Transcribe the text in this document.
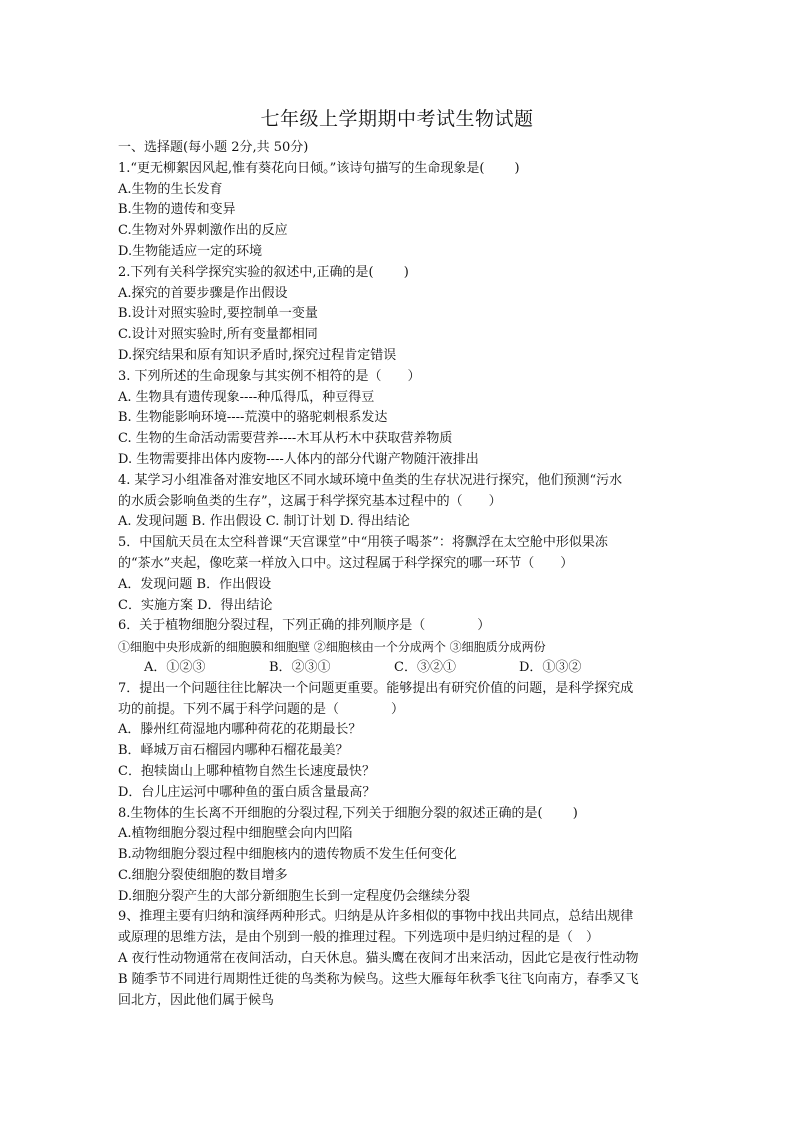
七年级上学期期中考试生物试题
一、选择题(每小题 2分,共 50分)
1.“更无柳絮因风起,惟有葵花向日倾。”该诗句描写的生命现象是(　　 )
A.生物的生长发育
B.生物的遗传和变异
C.生物对外界刺激作出的反应
D.生物能适应一定的环境
2.下列有关科学探究实验的叙述中,正确的是(　　 )
A.探究的首要步骤是作出假设
B.设计对照实验时,要控制单一变量
C.设计对照实验时,所有变量都相同
D.探究结果和原有知识矛盾时,探究过程肯定错误
3. 下列所述的生命现象与其实例不相符的是（　　）
A. 生物具有遗传现象----种瓜得瓜，种豆得豆
B. 生物能影响环境----荒漠中的骆驼刺根系发达
C. 生物的生命活动需要营养----木耳从朽木中获取营养物质
D. 生物需要排出体内废物----人体内的部分代谢产物随汗液排出
4. 某学习小组准备对淮安地区不同水域环境中鱼类的生存状况进行探究，他们预测“污水
的水质会影响鱼类的生存”，这属于科学探究基本过程中的（　　）
A. 发现问题 B. 作出假设 C. 制订计划 D. 得出结论
5．中国航天员在太空科普课“天宫课堂”中“用筷子喝茶”：将飘浮在太空舱中形似果冻
的“茶水”夹起，像吃菜一样放入口中。这过程属于科学探究的哪一环节（　　）
A．发现问题 B．作出假设
C．实施方案 D．得出结论
6．关于植物细胞分裂过程，下列正确的排列顺序是（　　　　）
①细胞中央形成新的细胞膜和细胞壁 ②细胞核由一个分成两个 ③细胞质分成两份
A．①②③	B．②③①	C．③②①	D．①③②
7．提出一个问题往往比解决一个问题更重要。能够提出有研究价值的问题，是科学探究成
功的前提。下列不属于科学问题的是（　　　　）
A．滕州红荷湿地内哪种荷花的花期最长？
B．峄城万亩石榴园内哪种石榴花最美？
C．抱犊崮山上哪种植物自然生长速度最快？
D．台儿庄运河中哪种鱼的蛋白质含量最高？
8.生物体的生长离不开细胞的分裂过程,下列关于细胞分裂的叙述正确的是(　　 )
A.植物细胞分裂过程中细胞壁会向内凹陷
B.动物细胞分裂过程中细胞核内的遗传物质不发生任何变化
C.细胞分裂使细胞的数目增多
D.细胞分裂产生的大部分新细胞生长到一定程度仍会继续分裂
9、推理主要有归纳和演绎两种形式。归纳是从许多相似的事物中找出共同点，总结出规律
或原理的思维方法，是由个别到一般的推理过程。下列选项中是归纳过程的是（　）
A 夜行性动物通常在夜间活动，白天休息。猫头鹰在夜间才出来活动，因此它是夜行性动物
B 随季节不同进行周期性迁徙的鸟类称为候鸟。这些大雁每年秋季飞往飞向南方，春季又飞
回北方，因此他们属于候鸟
